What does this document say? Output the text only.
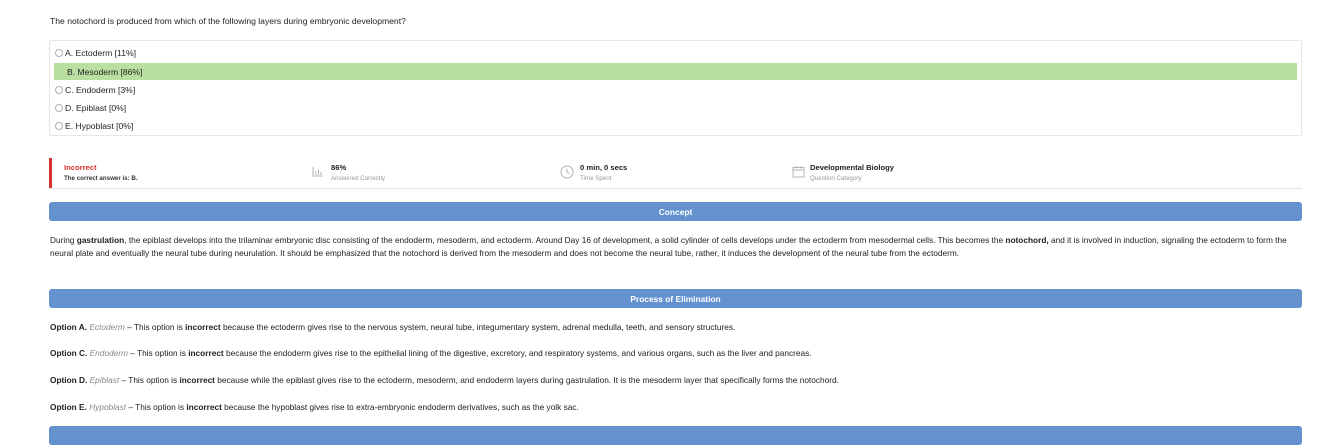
The notochord is produced from which of the following layers during embryonic development?
A. Ectoderm [11%]
B. Mesoderm [86%]
C. Endoderm [3%]
D. Epiblast [0%]
E. Hypoblast [0%]
Incorrect
The correct answer is: B.
86%
Answered Correctly
0 min, 0 secs
Time Spent
Developmental Biology
Question Category
Concept
During gastrulation, the epiblast develops into the trilaminar embryonic disc consisting of the endoderm, mesoderm, and ectoderm. Around Day 16 of development, a solid cylinder of cells develops under the ectoderm from mesodermal cells. This becomes the notochord, and it is involved in induction, signaling the ectoderm to form the neural plate and eventually the neural tube during neurulation. It should be emphasized that the notochord is derived from the mesoderm and does not become the neural tube, rather, it induces the development of the neural tube from the ectoderm.
Process of Elimination
Option A. Ectoderm – This option is incorrect because the ectoderm gives rise to the nervous system, neural tube, integumentary system, adrenal medulla, teeth, and sensory structures.
Option C. Endoderm – This option is incorrect because the endoderm gives rise to the epithelial lining of the digestive, excretory, and respiratory systems, and various organs, such as the liver and pancreas.
Option D. Epiblast – This option is incorrect because while the epiblast gives rise to the ectoderm, mesoderm, and endoderm layers during gastrulation. It is the mesoderm layer that specifically forms the notochord.
Option E. Hypoblast – This option is incorrect because the hypoblast gives rise to extra-embryonic endoderm derivatives, such as the yolk sac.
